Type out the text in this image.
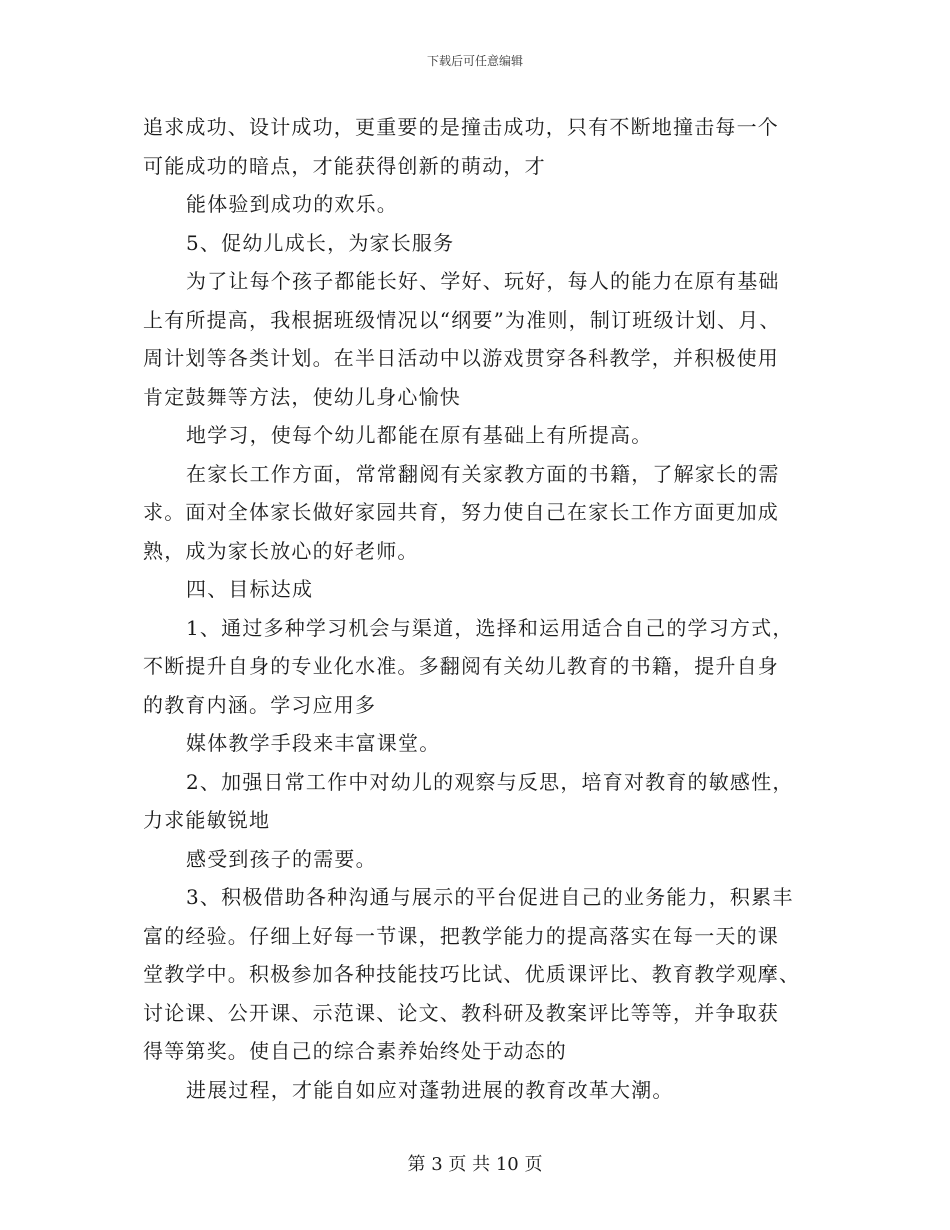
下载后可任意编辑
追求成功、设计成功，更重要的是撞击成功，只有不断地撞击每一个
可能成功的暗点，才能获得创新的萌动，才
能体验到成功的欢乐。
5、促幼儿成长，为家长服务
为了让每个孩子都能长好、学好、玩好，每人的能力在原有基础
上有所提高，我根据班级情况以“纲要”为准则，制订班级计划、月、
周计划等各类计划。在半日活动中以游戏贯穿各科教学，并积极使用
肯定鼓舞等方法，使幼儿身心愉快
地学习，使每个幼儿都能在原有基础上有所提高。
在家长工作方面，常常翻阅有关家教方面的书籍，了解家长的需
求。面对全体家长做好家园共育，努力使自己在家长工作方面更加成
熟，成为家长放心的好老师。
四、目标达成
1、通过多种学习机会与渠道，选择和运用适合自己的学习方式，
不断提升自身的专业化水准。多翻阅有关幼儿教育的书籍，提升自身
的教育内涵。学习应用多
媒体教学手段来丰富课堂。
2、加强日常工作中对幼儿的观察与反思，培育对教育的敏感性，
力求能敏锐地
感受到孩子的需要。
3、积极借助各种沟通与展示的平台促进自己的业务能力，积累丰
富的经验。仔细上好每一节课，把教学能力的提高落实在每一天的课
堂教学中。积极参加各种技能技巧比试、优质课评比、教育教学观摩、
讨论课、公开课、示范课、论文、教科研及教案评比等等，并争取获
得等第奖。使自己的综合素养始终处于动态的
进展过程，才能自如应对蓬勃进展的教育改革大潮。
第 3 页 共 10 页
